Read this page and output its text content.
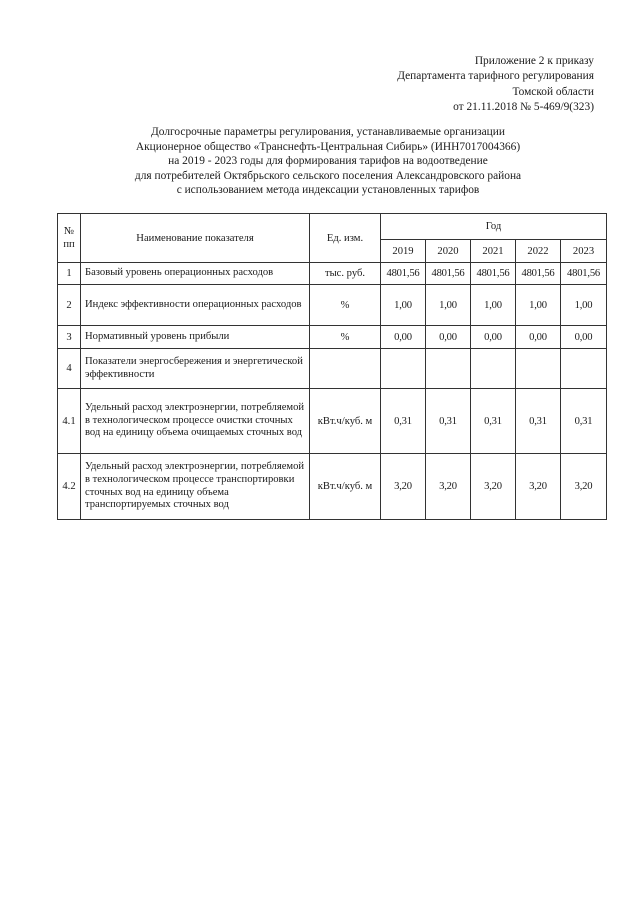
Приложение 2 к приказу
Департамента тарифного регулирования
Томской области
от 21.11.2018 № 5-469/9(323)
Долгосрочные параметры регулирования, устанавливаемые организации
Акционерное общество «Транснефть-Центральная Сибирь» (ИНН7017004366)
на 2019 - 2023 годы для формирования тарифов на водоотведение
для потребителей Октябрьского сельского поселения Александровского района
с использованием метода индексации установленных тарифов
№
пп	Наименование показателя	Ед. изм.	Год				
			2019	2020	2021	2022	2023
1	Базовый уровень операционных расходов	тыс. руб.	4801,56	4801,56	4801,56	4801,56	4801,56
2	Индекс эффективности операционных расходов	%	1,00	1,00	1,00	1,00	1,00
3	Нормативный уровень прибыли	%	0,00	0,00	0,00	0,00	0,00
4	Показатели энергосбережения и энергетической эффективности						
4.1	Удельный расход электроэнергии, потребляемой в технологическом процессе очистки сточных вод на единицу объема очищаемых сточных вод	кВт.ч/куб. м	0,31	0,31	0,31	0,31	0,31
4.2	Удельный расход электроэнергии, потребляемой в технологическом процессе транспортировки сточных вод на единицу объема транспортируемых сточных вод	кВт.ч/куб. м	3,20	3,20	3,20	3,20	3,20
